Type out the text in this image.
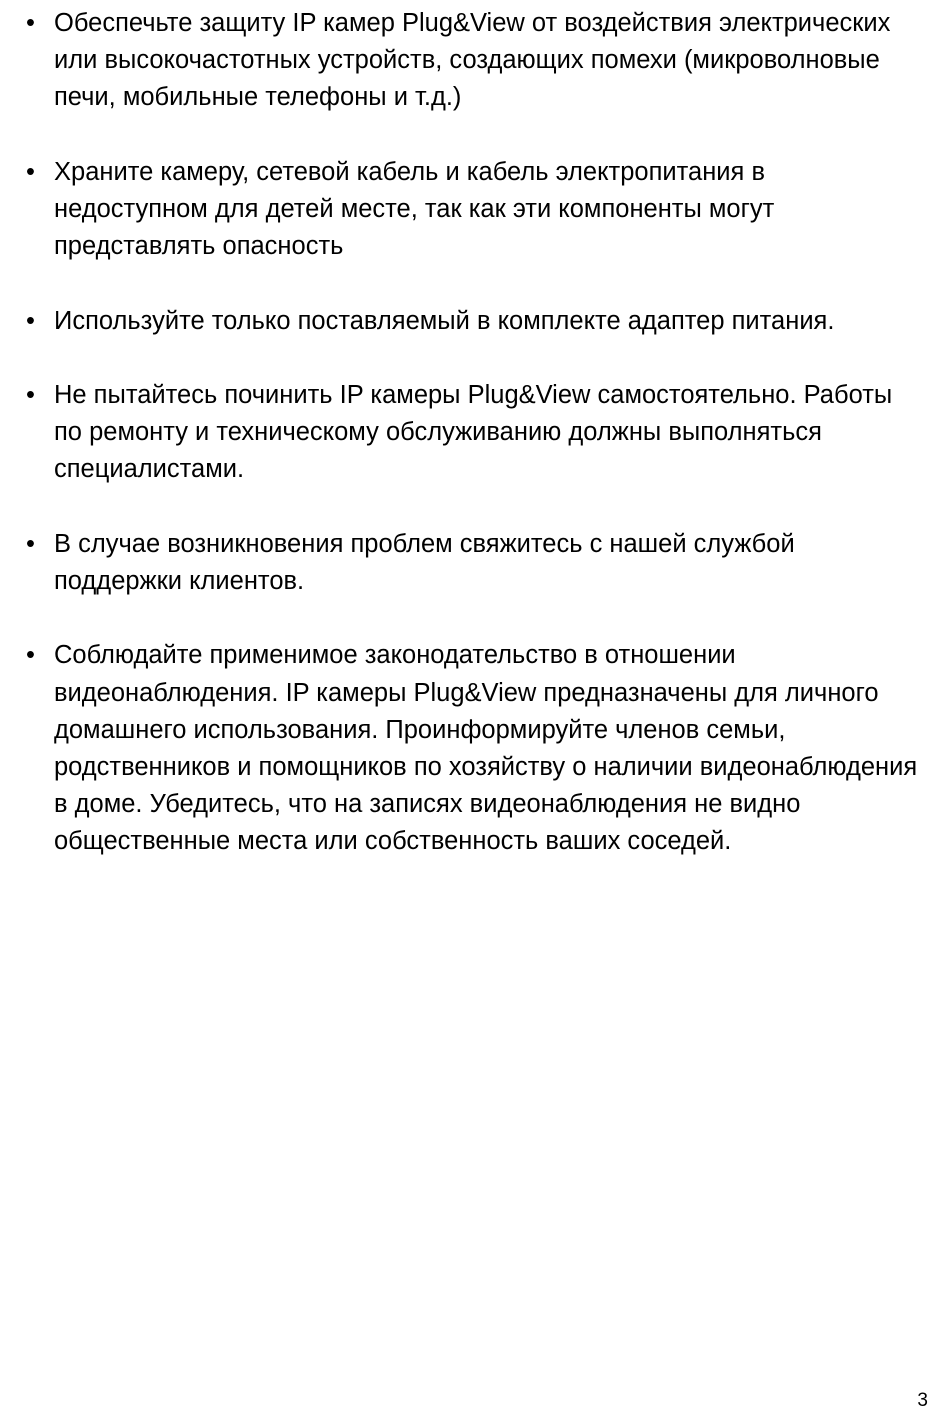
• Обеспечьте защиту IP камер Plug&View от воздействия электрических или высокочастотных устройств, создающих помехи (микроволновые печи, мобильные телефоны и т.д.)
• Храните камеру, сетевой кабель и кабель электропитания в недоступном для детей месте, так как эти компоненты могут представлять опасность
• Используйте только поставляемый в комплекте адаптер питания.
• Не пытайтесь починить IP камеры Plug&View самостоятельно. Работы по ремонту и техническому обслуживанию должны выполняться специалистами.
• В случае возникновения проблем свяжитесь с нашей службой поддержки клиентов.
• Соблюдайте применимое законодательство в отношении видеонаблюдения. IP камеры Plug&View предназначены для личного домашнего использования. Проинформируйте членов семьи, родственников и помощников по хозяйству о наличии видеонаблюдения в доме. Убедитесь, что на записях видеонаблюдения не видно общественные места или собственность ваших соседей.
3
